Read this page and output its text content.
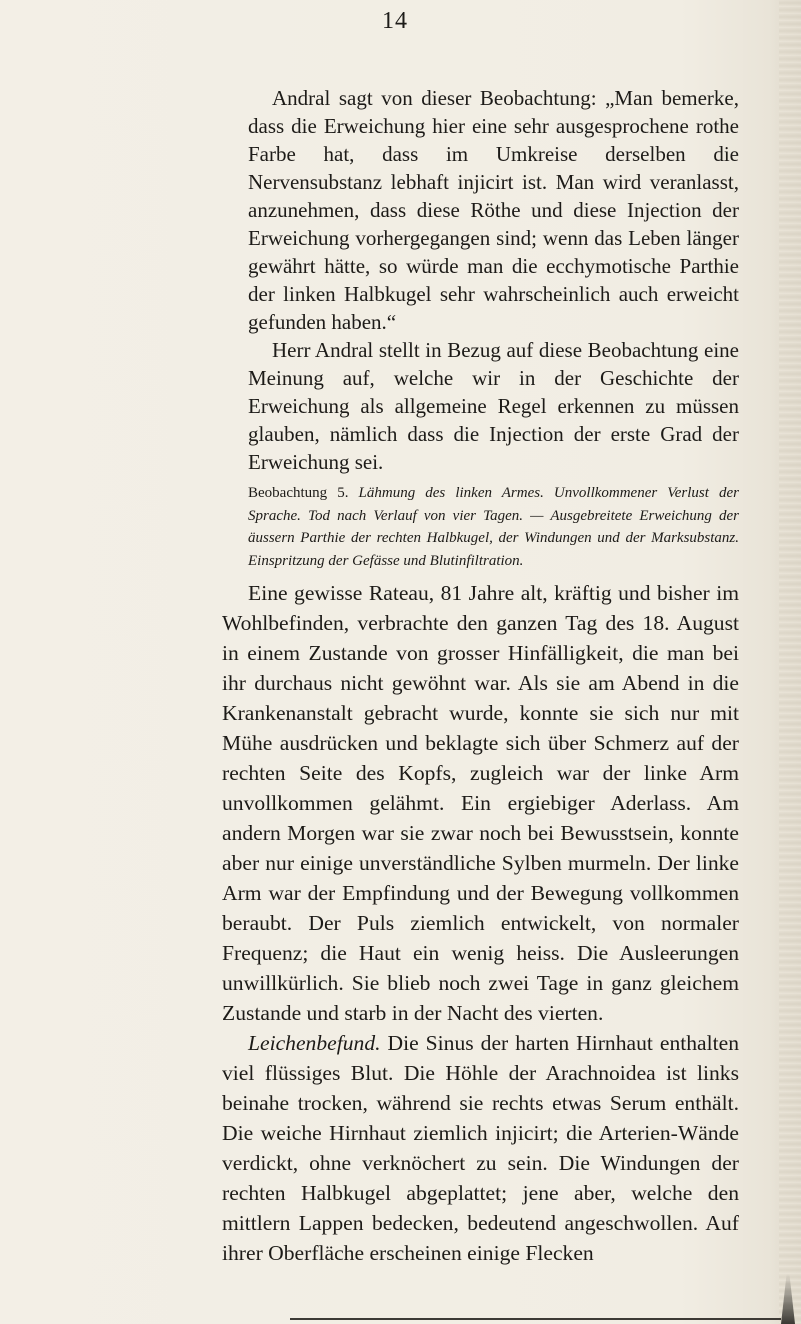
14

Andral sagt von dieser Beobachtung: „Man bemerke, dass die Erweichung hier eine sehr ausgesprochene rothe Farbe hat, dass im Umkreise derselben die Nervensubstanz lebhaft injicirt ist. Man wird veranlasst, anzunehmen, dass diese Röthe und diese Injection der Erweichung vorhergegangen sind; wenn das Leben länger gewährt hätte, so würde man die ecchymotische Parthie der linken Halbkugel sehr wahrscheinlich auch erweicht gefunden haben.“

Herr Andral stellt in Bezug auf diese Beobachtung eine Meinung auf, welche wir in der Geschichte der Erweichung als allgemeine Regel erkennen zu müssen glauben, nämlich dass die Injection der erste Grad der Erweichung sei.

Beobachtung 5. Lähmung des linken Armes. Unvollkommener Verlust der Sprache. Tod nach Verlauf von vier Tagen. — Ausgebreitete Erweichung der äussern Parthie der rechten Halbkugel, der Windungen und der Marksubstanz. Einspritzung der Gefässe und Blutinfiltration.

Eine gewisse Rateau, 81 Jahre alt, kräftig und bisher im Wohlbefinden, verbrachte den ganzen Tag des 18. August in einem Zustande von grosser Hinfälligkeit, die man bei ihr durchaus nicht gewöhnt war. Als sie am Abend in die Krankenanstalt gebracht wurde, konnte sie sich nur mit Mühe ausdrücken und beklagte sich über Schmerz auf der rechten Seite des Kopfs, zugleich war der linke Arm unvollkommen gelähmt. Ein ergiebiger Aderlass. Am andern Morgen war sie zwar noch bei Bewusstsein, konnte aber nur einige unverständliche Sylben murmeln. Der linke Arm war der Empfindung und der Bewegung vollkommen beraubt. Der Puls ziemlich entwickelt, von normaler Frequenz; die Haut ein wenig heiss. Die Ausleerungen unwillkürlich. Sie blieb noch zwei Tage in ganz gleichem Zustande und starb in der Nacht des vierten.

Leichenbefund. Die Sinus der harten Hirnhaut enthalten viel flüssiges Blut. Die Höhle der Arachnoidea ist links beinahe trocken, während sie rechts etwas Serum enthält. Die weiche Hirnhaut ziemlich injicirt; die Arterien-Wände verdickt, ohne verknöchert zu sein. Die Windungen der rechten Halbkugel abgeplattet; jene aber, welche den mittlern Lappen bedecken, bedeutend angeschwollen. Auf ihrer Oberfläche erscheinen einige Flecken
